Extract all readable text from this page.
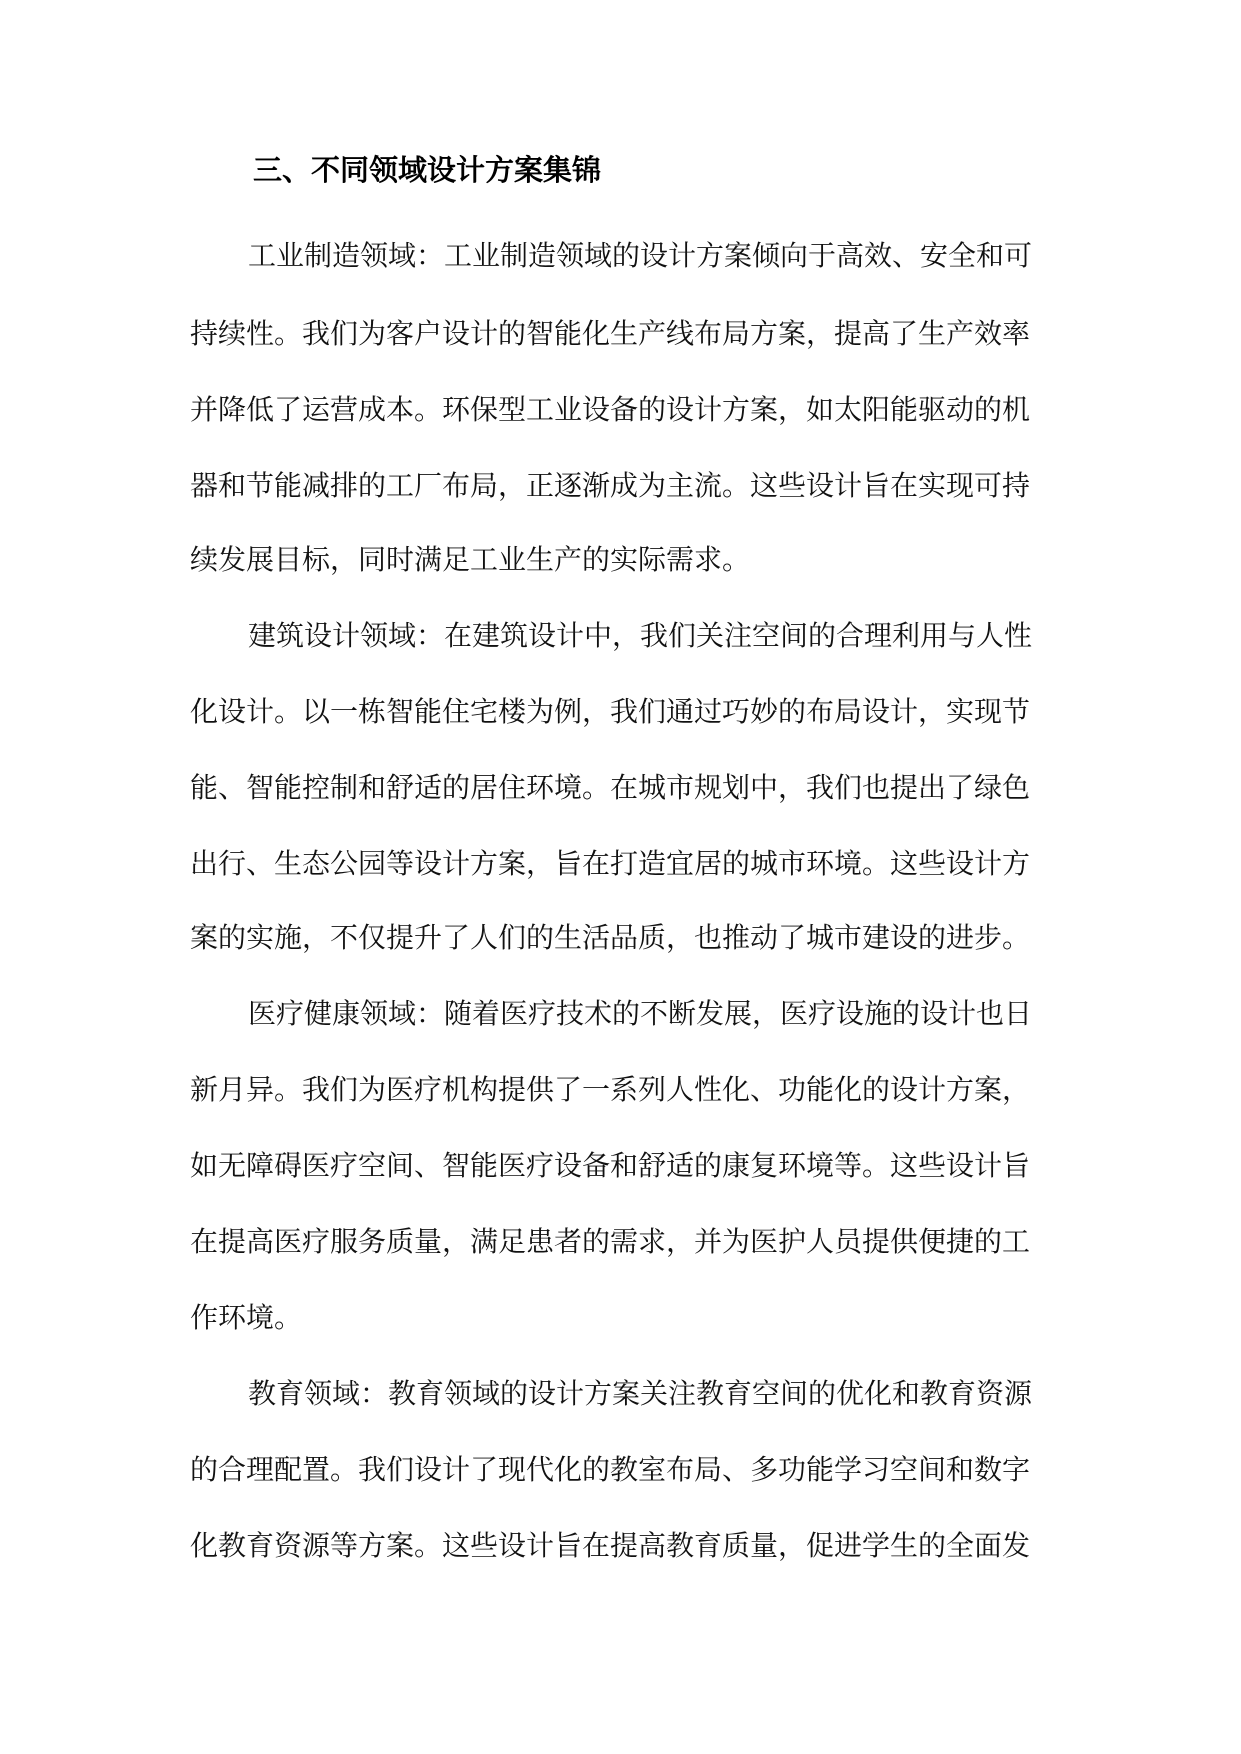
三、不同领域设计方案集锦

工业制造领域：工业制造领域的设计方案倾向于高效、安全和可

持续性。我们为客户设计的智能化生产线布局方案，提高了生产效率

并降低了运营成本。环保型工业设备的设计方案，如太阳能驱动的机

器和节能减排的工厂布局，正逐渐成为主流。这些设计旨在实现可持

续发展目标，同时满足工业生产的实际需求。

建筑设计领域：在建筑设计中，我们关注空间的合理利用与人性

化设计。以一栋智能住宅楼为例，我们通过巧妙的布局设计，实现节

能、智能控制和舒适的居住环境。在城市规划中，我们也提出了绿色

出行、生态公园等设计方案，旨在打造宜居的城市环境。这些设计方

案的实施，不仅提升了人们的生活品质，也推动了城市建设的进步。

医疗健康领域：随着医疗技术的不断发展，医疗设施的设计也日

新月异。我们为医疗机构提供了一系列人性化、功能化的设计方案，

如无障碍医疗空间、智能医疗设备和舒适的康复环境等。这些设计旨

在提高医疗服务质量，满足患者的需求，并为医护人员提供便捷的工

作环境。

教育领域：教育领域的设计方案关注教育空间的优化和教育资源

的合理配置。我们设计了现代化的教室布局、多功能学习空间和数字

化教育资源等方案。这些设计旨在提高教育质量，促进学生的全面发
